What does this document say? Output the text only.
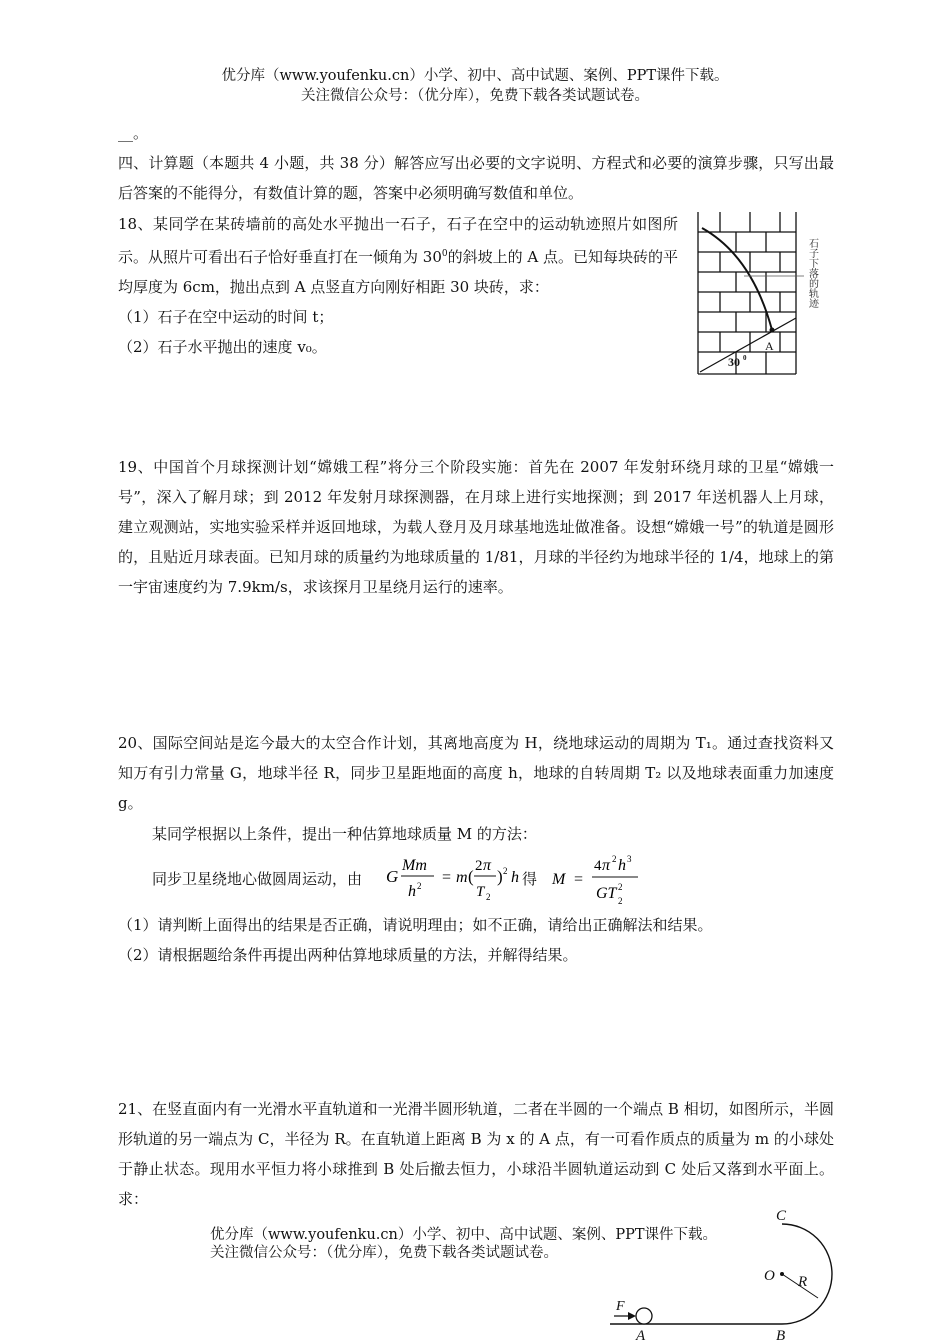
优分库（www.youfenku.cn）小学、初中、高中试题、案例、PPT课件下载。
关注微信公众号：（优分库），免费下载各类试题试卷。
__。

四、计算题（本题共 4 小题，共 38 分）解答应写出必要的文字说明、方程式和必要的演算步骤，只写出最后答案的不能得分，有数值计算的题，答案中必须明确写数值和单位。

18、某同学在某砖墙前的高处水平抛出一石子，石子在空中的运动轨迹照片如图所示。从照片可看出石子恰好垂直打在一倾角为 $30^0$的斜坡上的 A 点。已知每块砖的平均厚度为 6cm，抛出点到 A 点竖直方向刚好相距 30 块砖，求：

（1）石子在空中运动的时间 t；

（2）石子水平抛出的速度 v₀。	A
30 0
石子下落的轨迹

19、中国首个月球探测计划“嫦娥工程”将分三个阶段实施：首先在 2007 年发射环绕月球的卫星“嫦娥一号”，深入了解月球；到 2012 年发射月球探测器，在月球上进行实地探测；到 2017 年送机器人上月球，建立观测站，实地实验采样并返回地球，为载人登月及月球基地选址做准备。设想“嫦娥一号”的轨道是圆形的，且贴近月球表面。已知月球的质量约为地球质量的 1/81，月球的半径约为地球半径的 1/4，地球上的第一宇宙速度约为 7.9km/s，求该探月卫星绕月运行的速率。

20、国际空间站是迄今最大的太空合作计划，其离地高度为 H，绕地球运动的周期为 T₁。通过查找资料又知万有引力常量 G，地球半径 R，同步卫星距地面的高度 h，地球的自转周期 T₂ 以及地球表面重力加速度 g。

某同学根据以上条件，提出一种估算地球质量 M 的方法：

同步卫星绕地心做圆周运动，由 G
Mm
h 2 = m (
2 π
T 2
) 2 h 得 M =
4 π 2 h 3
GT 2
2

（1）请判断上面得出的结果是否正确，请说明理由；如不正确，请给出正确解法和结果。

（2）请根据题给条件再提出两种估算地球质量的方法，并解得结果。

21、在竖直面内有一光滑水平直轨道和一光滑半圆形轨道，二者在半圆的一个端点 B 相切，如图所示，半圆形轨道的另一端点为 C，半径为 R。在直轨道上距离 B 为 x 的 A 点，有一可看作质点的质量为 m 的小球处于静止状态。现用水平恒力将小球推到 B 处后撤去恒力，小球沿半圆轨道运动到 C 处后又落到水平面上。求：

优分库（www.youfenku.cn）小学、初中、高中试题、案例、PPT课件下载。
关注微信公众号：（优分库），免费下载各类试题试卷。
C
O R
F
A	B
